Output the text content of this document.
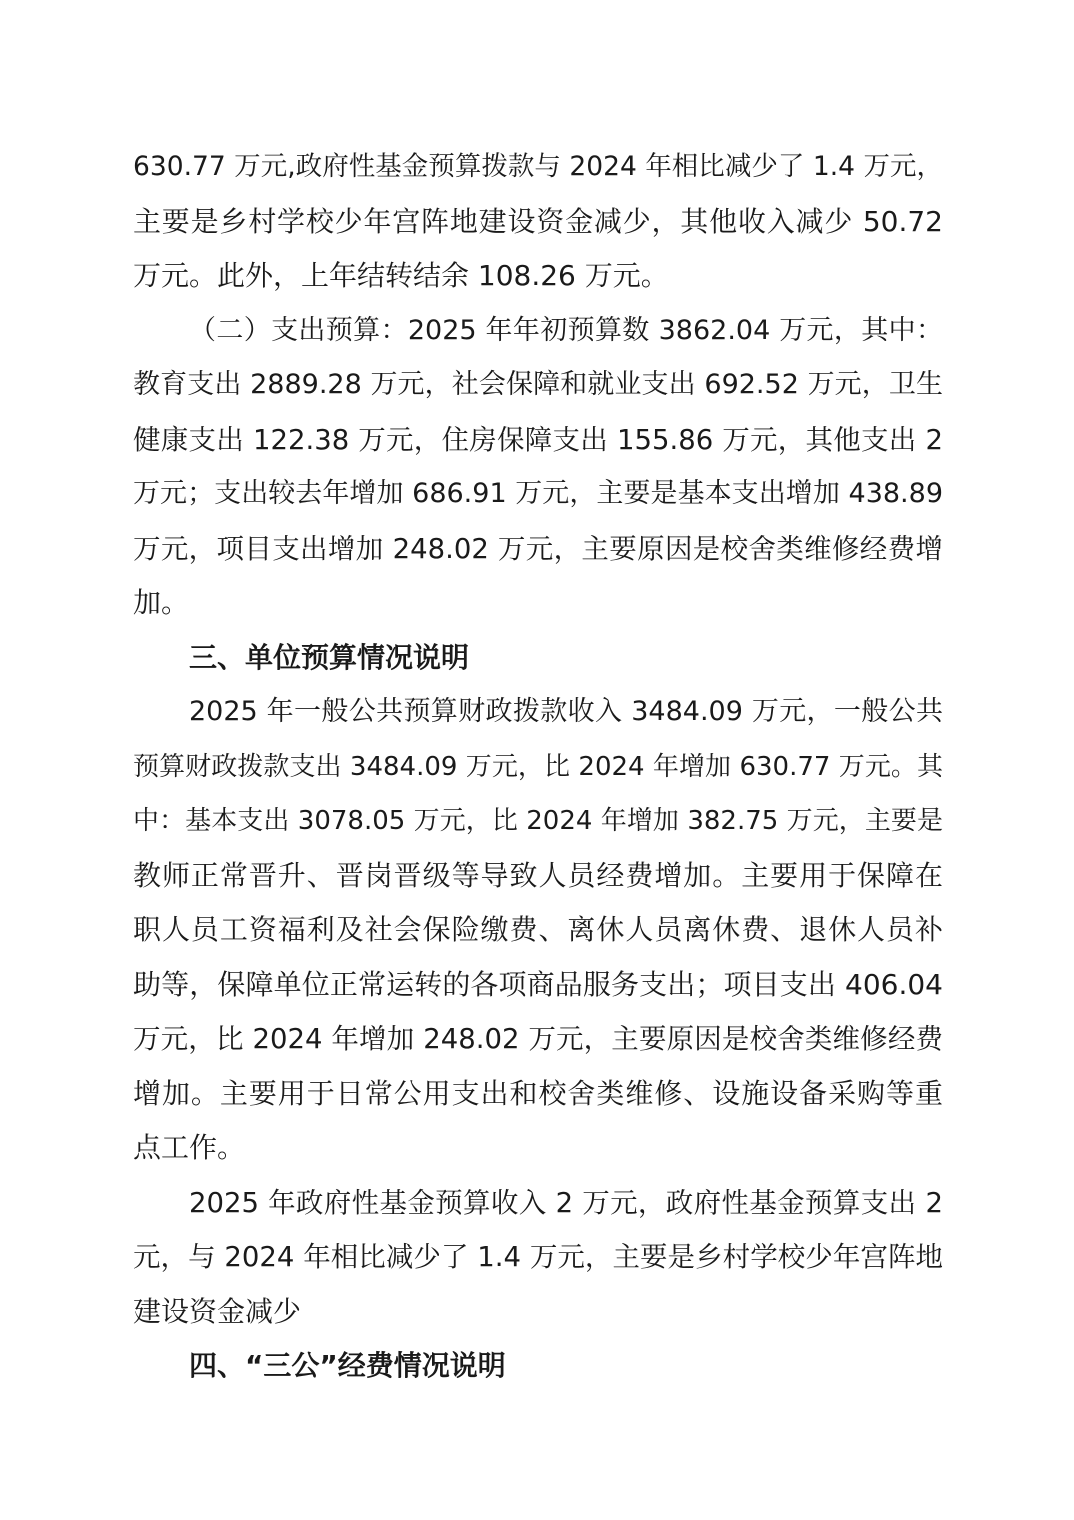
630.77 万元,政府性基金预算拨款与 2024 年相比减少了 1.4 万元，
主要是乡村学校少年宫阵地建设资金减少，其他收入减少 50.72
万元。此外，上年结转结余 108.26 万元。
（二）支出预算：2025 年年初预算数 3862.04 万元，其中：
教育支出 2889.28 万元，社会保障和就业支出 692.52 万元，卫生
健康支出 122.38 万元，住房保障支出 155.86 万元，其他支出 2
万元；支出较去年增加 686.91 万元，主要是基本支出增加 438.89
万元，项目支出增加 248.02 万元，主要原因是校舍类维修经费增
加。
三、单位预算情况说明
2025 年一般公共预算财政拨款收入 3484.09 万元，一般公共
预算财政拨款支出 3484.09 万元，比 2024 年增加 630.77 万元。其
中：基本支出 3078.05 万元，比 2024 年增加 382.75 万元，主要是
教师正常晋升、晋岗晋级等导致人员经费增加。主要用于保障在
职人员工资福利及社会保险缴费、离休人员离休费、退休人员补
助等，保障单位正常运转的各项商品服务支出；项目支出 406.04
万元，比 2024 年增加 248.02 万元，主要原因是校舍类维修经费
增加。主要用于日常公用支出和校舍类维修、设施设备采购等重
点工作。
2025 年政府性基金预算收入 2 万元，政府性基金预算支出 2
元，与 2024 年相比减少了 1.4 万元，主要是乡村学校少年宫阵地
建设资金减少
四、“三公”经费情况说明
